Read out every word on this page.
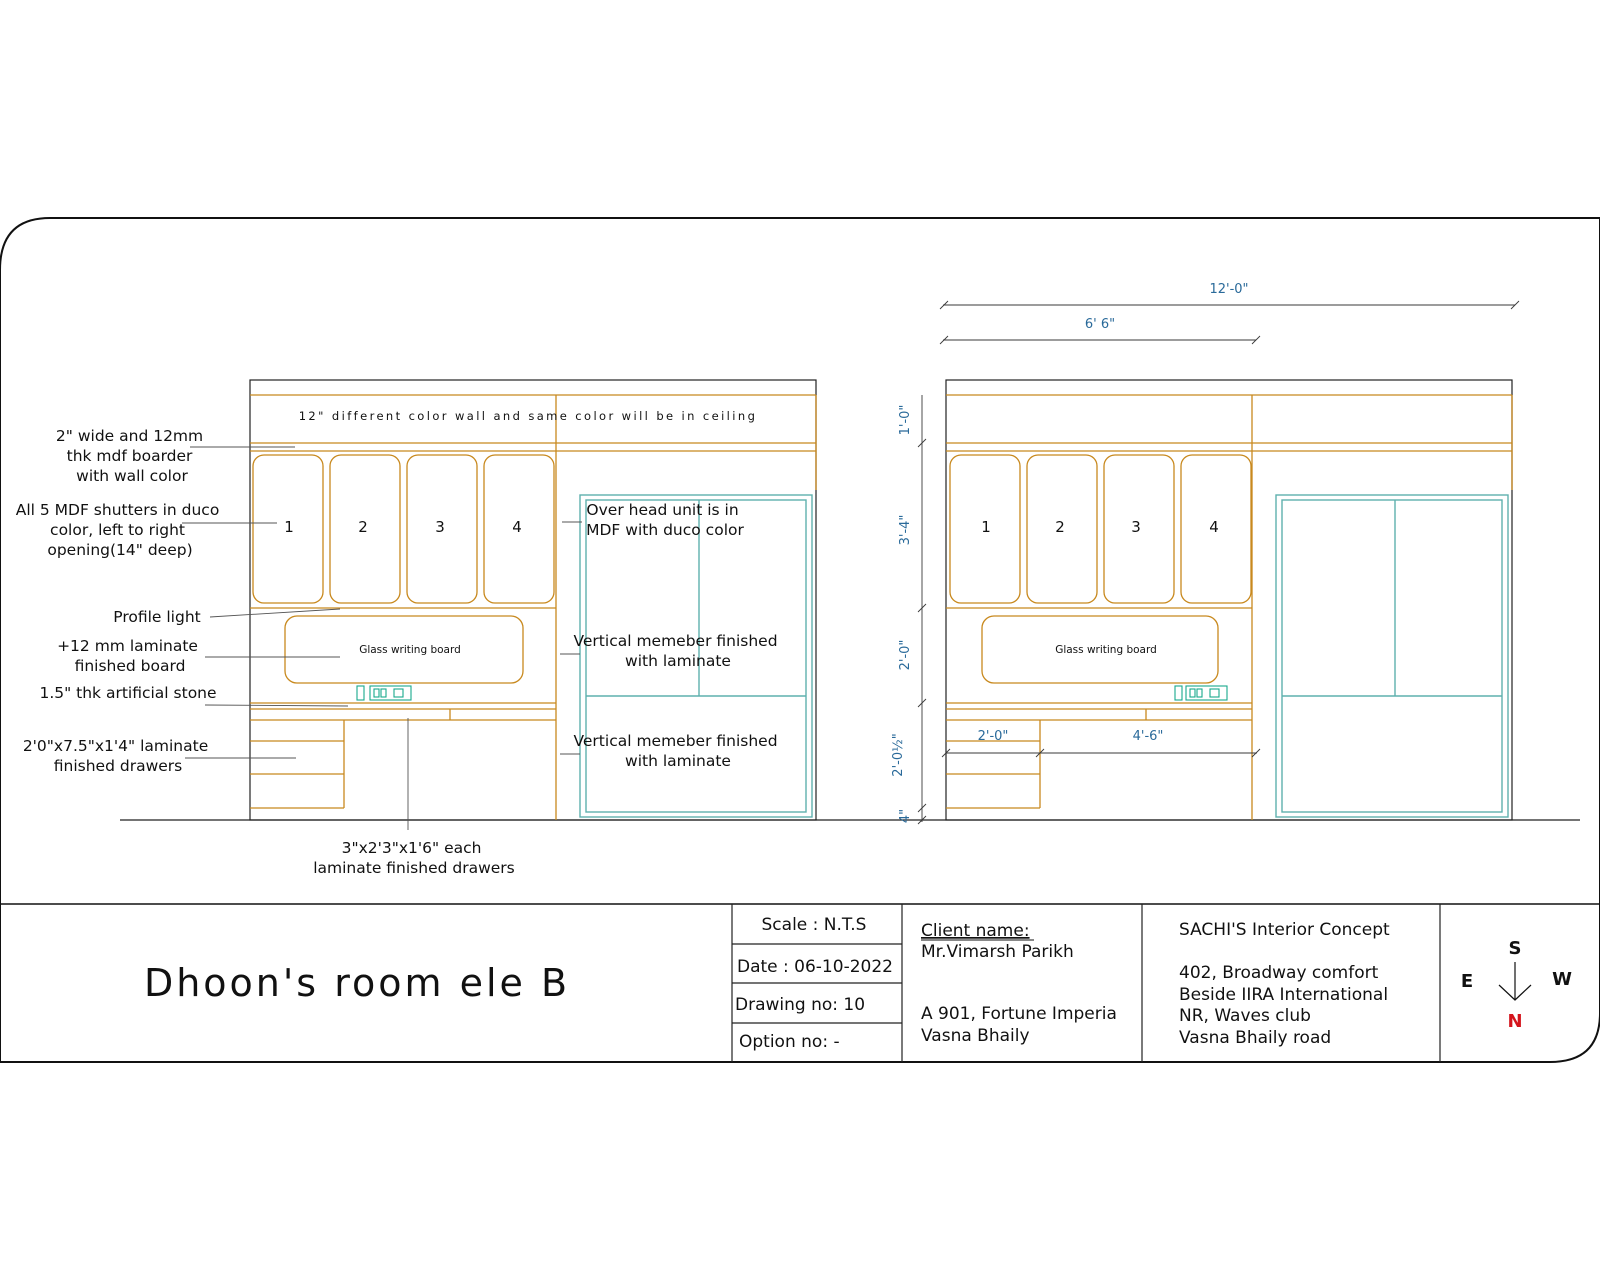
12" different color wall and same color will be in ceiling
1	2	3	4
Glass writing board
2" wide and 12mm thk mdf boarder with wall color
All 5 MDF shutters in duco color, left to right opening(14" deep)
Profile light
+12 mm laminate finished board
1.5" thk artificial stone
2'0"x7.5"x1'4" laminate finished drawers
Over head unit is in MDF with duco color
Vertical memeber finished with laminate
Vertical memeber finished with laminate
3"x2'3"x1'6" each laminate finished drawers
1	2	3	4
Glass writing board
12'-0"
6' 6"
1'-0"
3'-4"
2'-0"
2'-0½"
4"
2'-0"	4'-6"
Dhoon's room ele B
Scale : N.T.S
Date : 06-10-2022
Drawing no: 10
Option no: -
Client name:
Mr.Vimarsh Parikh
A 901, Fortune Imperia Vasna Bhaily
SACHI'S Interior Concept
402, Broadway comfort Beside IIRA International NR, Waves club Vasna Bhaily road
S
E	W
N
